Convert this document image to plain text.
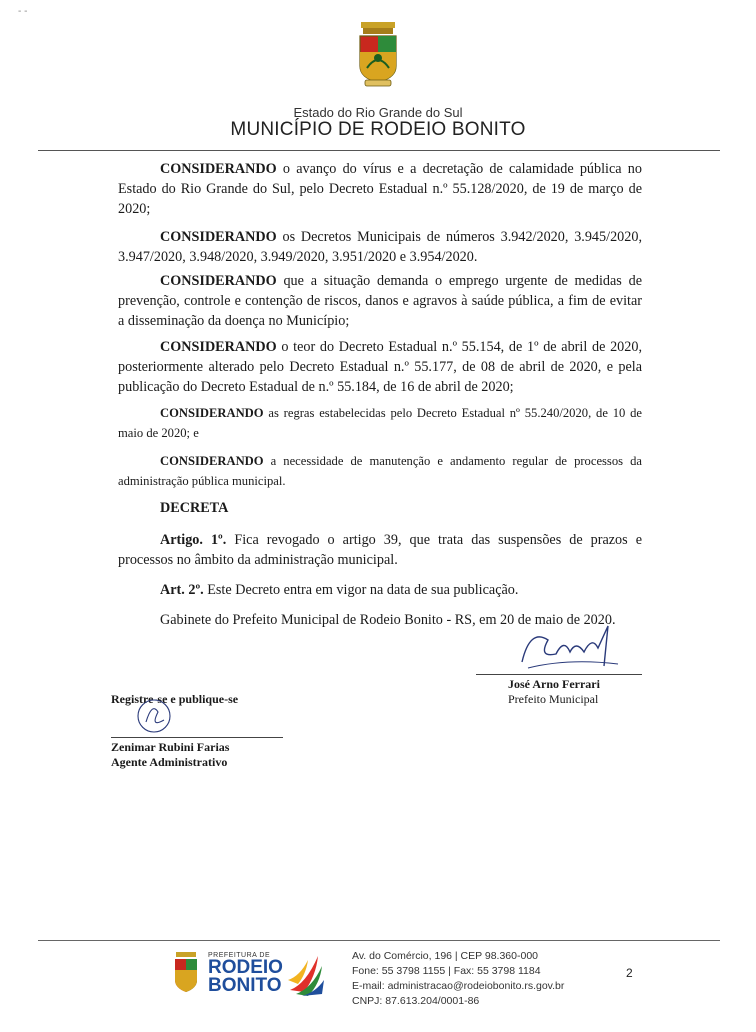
- -
Estado do Rio Grande do Sul
MUNICÍPIO DE RODEIO BONITO
CONSIDERANDO o avanço do vírus e a decretação de calamidade pública no Estado do Rio Grande do Sul, pelo Decreto Estadual n.º 55.128/2020, de 19 de março de 2020;
CONSIDERANDO os Decretos Municipais de números 3.942/2020, 3.945/2020, 3.947/2020, 3.948/2020, 3.949/2020, 3.951/2020 e 3.954/2020.
CONSIDERANDO que a situação demanda o emprego urgente de medidas de prevenção, controle e contenção de riscos, danos e agravos à saúde pública, a fim de evitar a disseminação da doença no Município;
CONSIDERANDO o teor do Decreto Estadual n.º 55.154, de 1º de abril de 2020, posteriormente alterado pelo Decreto Estadual n.º 55.177, de 08 de abril de 2020, e pela publicação do Decreto Estadual de n.º 55.184, de 16 de abril de 2020;
CONSIDERANDO as regras estabelecidas pelo Decreto Estadual nº 55.240/2020, de 10 de maio de 2020; e
CONSIDERANDO a necessidade de manutenção e andamento regular de processos da administração pública municipal.
DECRETA
Artigo. 1º. Fica revogado o artigo 39, que trata das suspensões de prazos e processos no âmbito da administração municipal.
Art. 2º. Este Decreto entra em vigor na data de sua publicação.
Gabinete do Prefeito Municipal de Rodeio Bonito - RS, em 20 de maio de 2020.
José Arno Ferrari
Prefeito Municipal
Registre-se e publique-se
Zenimar Rubini Farias
Agente Administrativo
PREFEITURA DE
RODEIO
BONITO
Av. do Comércio, 196 | CEP 98.360-000
Fone: 55 3798 1155 | Fax: 55 3798 1184
E-mail: administracao@rodeiobonito.rs.gov.br
CNPJ: 87.613.204/0001-86
2
